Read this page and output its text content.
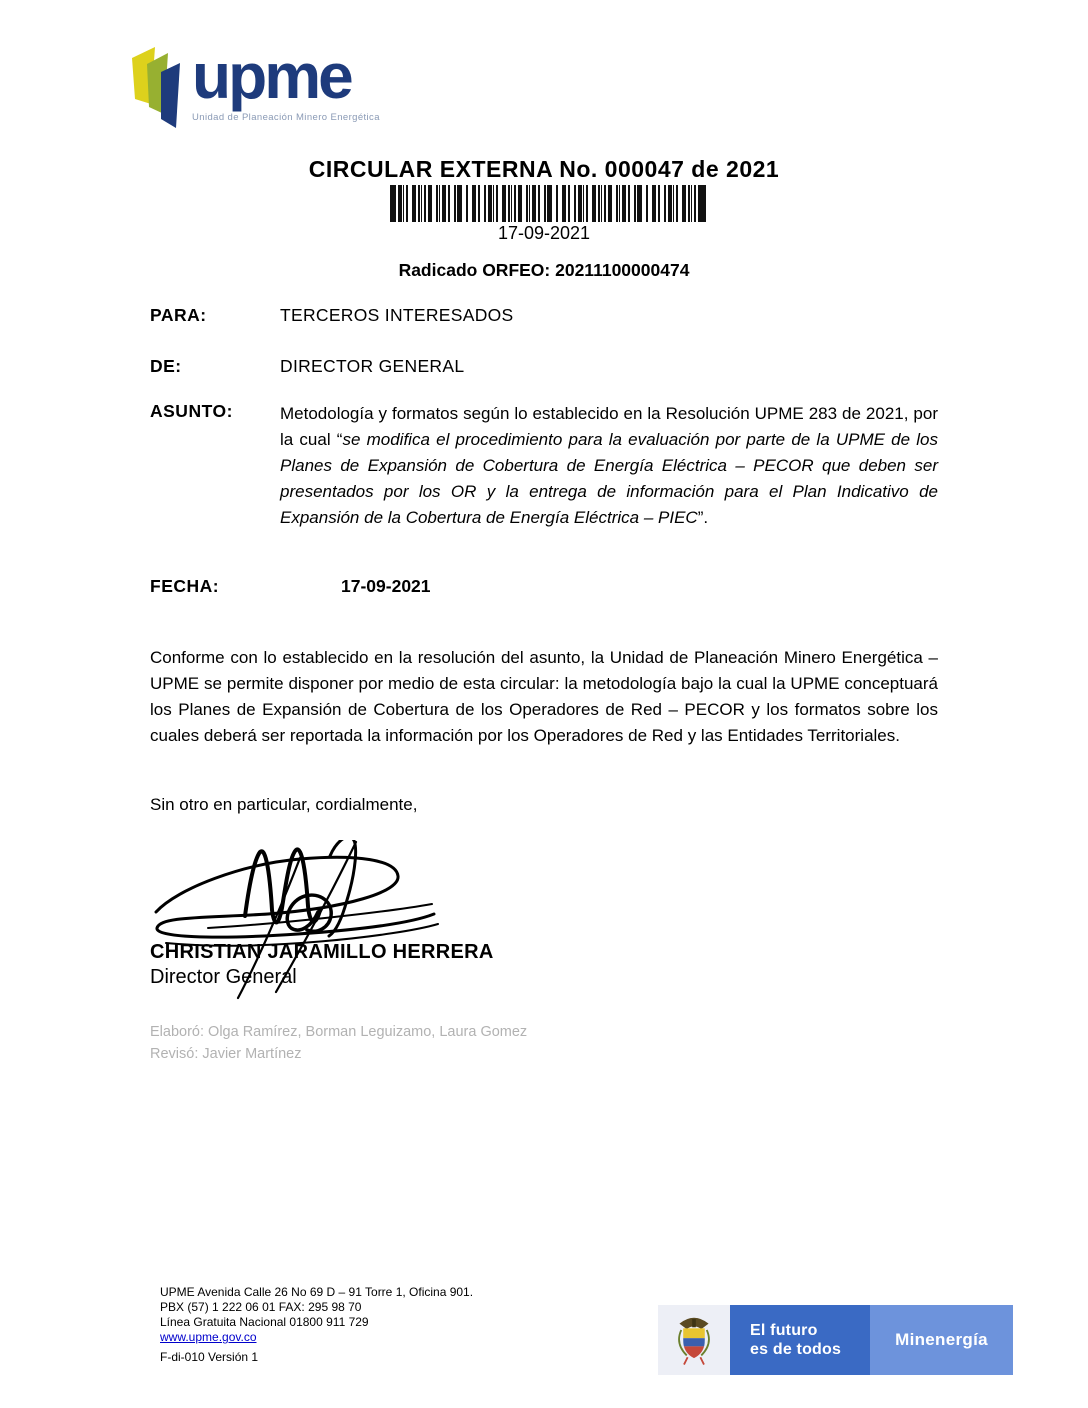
upme
Unidad de Planeación Minero Energética
CIRCULAR EXTERNA No. 000047 de 2021
17-09-2021
Radicado ORFEO: 20211100000474
PARA:	TERCEROS INTERESADOS
DE:	DIRECTOR GENERAL
ASUNTO:	Metodología y formatos según lo establecido en la Resolución UPME 283 de 2021, por la cual “se modifica el procedimiento para la evaluación por parte de la UPME de los Planes de Expansión de Cobertura de Energía Eléctrica – PECOR que deben ser presentados por los OR y la entrega de información para el Plan Indicativo de Expansión de la Cobertura de Energía Eléctrica – PIEC”.
FECHA:	17-09-2021
Conforme con lo establecido en la resolución del asunto, la Unidad de Planeación Minero Energética – UPME se permite disponer por medio de esta circular: la metodología bajo la cual la UPME conceptuará los Planes de Expansión de Cobertura de los Operadores de Red – PECOR y los formatos sobre los cuales deberá ser reportada la información por los Operadores de Red y las Entidades Territoriales.
Sin otro en particular, cordialmente,
CHRISTIAN JARAMILLO HERRERA
Director General
Elaboró: Olga Ramírez, Borman Leguizamo, Laura Gomez
Revisó: Javier Martínez
UPME Avenida Calle 26 No 69 D – 91 Torre 1, Oficina 901.
PBX (57) 1 222 06 01 FAX: 295 98 70
Línea Gratuita Nacional 01800 911 729
www.upme.gov.co
F-di-010 Versión 1
El futuro
es de todos
Minenergía
